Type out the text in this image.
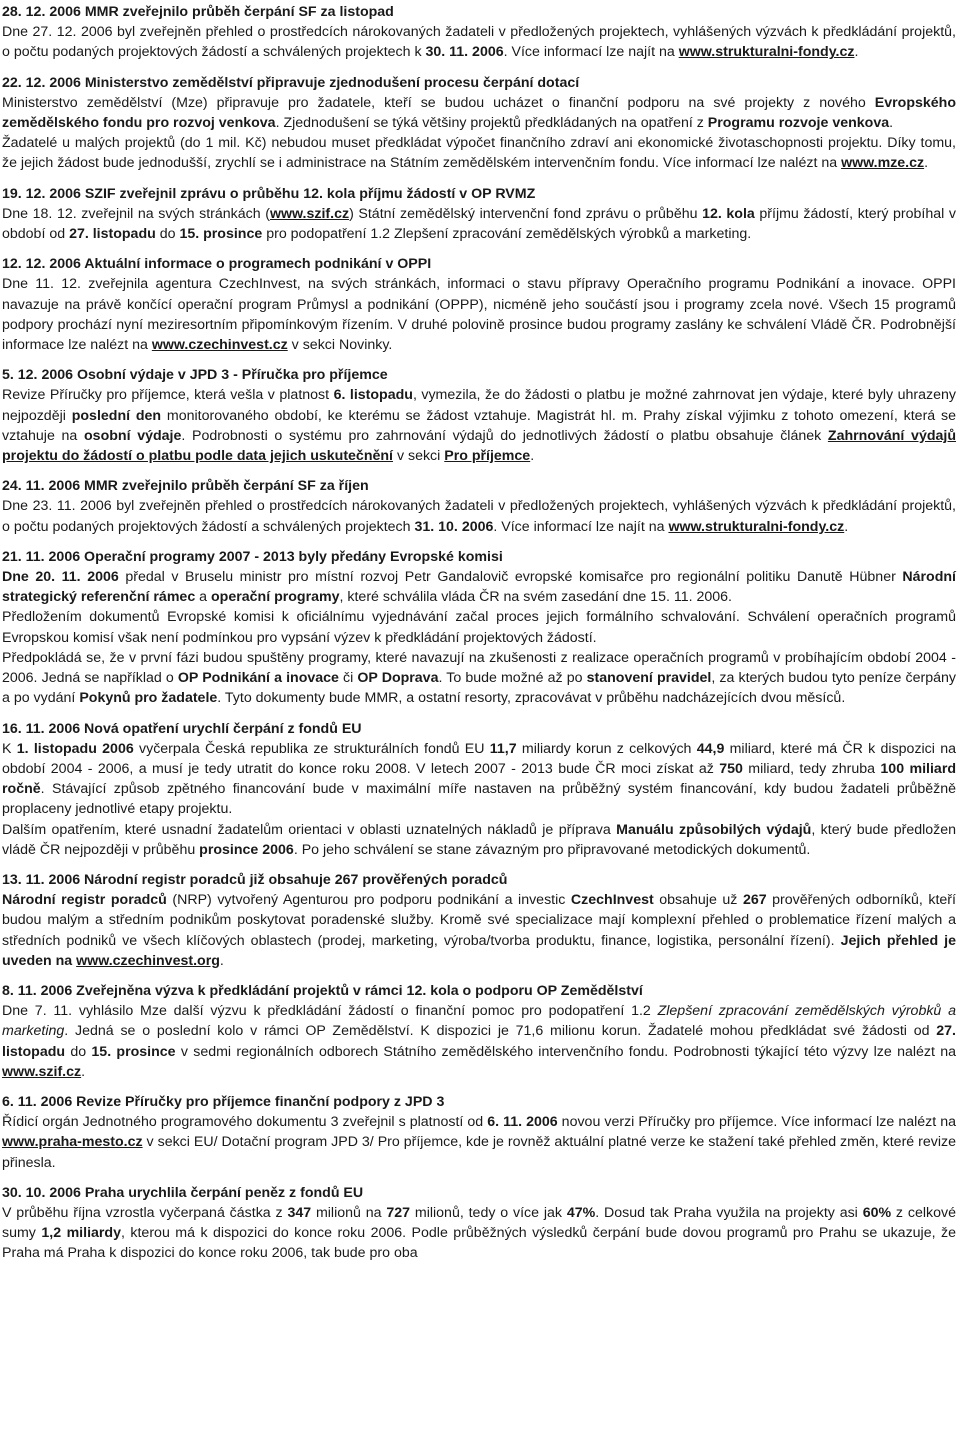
28. 12. 2006 MMR zveřejnilo průběh čerpání SF za listopad
Dne 27. 12. 2006 byl zveřejněn přehled o prostředcích nárokovaných žadateli v předložených projektech, vyhlášených výzvách k předkládání projektů, o počtu podaných projektových žádostí a schválených projektech k 30. 11. 2006. Více informací lze najít na www.strukturalni-fondy.cz.
22. 12. 2006 Ministerstvo zemědělství připravuje zjednodušení procesu čerpání dotací
Ministerstvo zemědělství (Mze) připravuje pro žadatele, kteří se budou ucházet o finanční podporu na své projekty z nového Evropského zemědělského fondu pro rozvoj venkova. Zjednodušení se týká většiny projektů předkládaných na opatření z Programu rozvoje venkova.
Žadatelé u malých projektů (do 1 mil. Kč) nebudou muset předkládat výpočet finančního zdraví ani ekonomické životaschopnosti projektu. Díky tomu, že jejich žádost bude jednodušší, zrychlí se i administrace na Státním zemědělském intervenčním fondu. Více informací lze nalézt na www.mze.cz.
19. 12. 2006 SZIF zveřejnil zprávu o průběhu 12. kola příjmu žádostí v OP RVMZ
Dne 18. 12. zveřejnil na svých stránkách (www.szif.cz) Státní zemědělský intervenční fond zprávu o průběhu 12. kola příjmu žádostí, který probíhal v období od 27. listopadu do 15. prosince pro podopatření 1.2 Zlepšení zpracování zemědělských výrobků a marketing.
12. 12. 2006 Aktuální informace o programech podnikání v OPPI
Dne 11. 12. zveřejnila agentura CzechInvest, na svých stránkách, informaci o stavu přípravy Operačního programu Podnikání a inovace. OPPI navazuje na právě končící operační program Průmysl a podnikání (OPPP), nicméně jeho součástí jsou i programy zcela nové. Všech 15 programů podpory prochází nyní meziresortním připomínkovým řízením. V druhé polovině prosince budou programy zaslány ke schválení Vládě ČR. Podrobnější informace lze nalézt na www.czechinvest.cz v sekci Novinky.
5. 12. 2006 Osobní výdaje v JPD 3 - Příručka pro příjemce
Revize Příručky pro příjemce, která vešla v platnost 6. listopadu, vymezila, že do žádosti o platbu je možné zahrnovat jen výdaje, které byly uhrazeny nejpozději poslední den monitorovaného období, ke kterému se žádost vztahuje. Magistrát hl. m. Prahy získal výjimku z tohoto omezení, která se vztahuje na osobní výdaje. Podrobnosti o systému pro zahrnování výdajů do jednotlivých žádostí o platbu obsahuje článek Zahrnování výdajů projektu do žádostí o platbu podle data jejich uskutečnění v sekci Pro příjemce.
24. 11. 2006 MMR zveřejnilo průběh čerpání SF za říjen
Dne 23. 11. 2006 byl zveřejněn přehled o prostředcích nárokovaných žadateli v předložených projektech, vyhlášených výzvách k předkládání projektů, o počtu podaných projektových žádostí a schválených projektech 31. 10. 2006. Více informací lze najít na www.strukturalni-fondy.cz.
21. 11. 2006 Operační programy 2007 - 2013 byly předány Evropské komisi
Dne 20. 11. 2006 předal v Bruselu ministr pro místní rozvoj Petr Gandalovič evropské komisařce pro regionální politiku Danutě Hübner Národní strategický referenční rámec a operační programy, které schválila vláda ČR na svém zasedání dne 15. 11. 2006.
Předložením dokumentů Evropské komisi k oficiálnímu vyjednávání začal proces jejich formálního schvalování. Schválení operačních programů Evropskou komisí však není podmínkou pro vypsání výzev k předkládání projektových žádostí.
Předpokládá se, že v první fázi budou spuštěny programy, které navazují na zkušenosti z realizace operačních programů v probíhajícím období 2004 - 2006. Jedná se například o OP Podnikání a inovace či OP Doprava. To bude možné až po stanovení pravidel, za kterých budou tyto peníze čerpány a po vydání Pokynů pro žadatele. Tyto dokumenty bude MMR, a ostatní resorty, zpracovávat v průběhu nadcházejících dvou měsíců.
16. 11. 2006 Nová opatření urychlí čerpání z fondů EU
K 1. listopadu 2006 vyčerpala Česká republika ze strukturálních fondů EU 11,7 miliardy korun z celkových 44,9 miliard, které má ČR k dispozici na období 2004 - 2006, a musí je tedy utratit do konce roku 2008. V letech 2007 - 2013 bude ČR moci získat až 750 miliard, tedy zhruba 100 miliard ročně. Stávající způsob zpětného financování bude v maximální míře nastaven na průběžný systém financování, kdy budou žadateli průběžně proplaceny jednotlivé etapy projektu.
Dalším opatřením, které usnadní žadatelům orientaci v oblasti uznatelných nákladů je příprava Manuálu způsobilých výdajů, který bude předložen vládě ČR nejpozději v průběhu prosince 2006. Po jeho schválení se stane závazným pro připravované metodických dokumentů.
13. 11. 2006 Národní registr poradců již obsahuje 267 prověřených poradců
Národní registr poradců (NRP) vytvořený Agenturou pro podporu podnikání a investic CzechInvest obsahuje už 267 prověřených odborníků, kteří budou malým a středním podnikům poskytovat poradenské služby. Kromě své specializace mají komplexní přehled o problematice řízení malých a středních podniků ve všech klíčových oblastech (prodej, marketing, výroba/tvorba produktu, finance, logistika, personální řízení). Jejich přehled je uveden na www.czechinvest.org.
8. 11. 2006 Zveřejněna výzva k předkládání projektů v rámci 12. kola o podporu OP Zemědělství
Dne 7. 11. vyhlásilo Mze další výzvu k předkládání žádostí o finanční pomoc pro podopatření 1.2 Zlepšení zpracování zemědělských výrobků a marketing. Jedná se o poslední kolo v rámci OP Zemědělství. K dispozici je 71,6 milionu korun. Žadatelé mohou předkládat své žádosti od 27. listopadu do 15. prosince v sedmi regionálních odborech Státního zemědělského intervenčního fondu. Podrobnosti týkající této výzvy lze nalézt na www.szif.cz.
6. 11. 2006 Revize Příručky pro příjemce finanční podpory z JPD 3
Řídicí orgán Jednotného programového dokumentu 3 zveřejnil s platností od 6. 11. 2006 novou verzi Příručky pro příjemce. Více informací lze nalézt na www.praha-mesto.cz v sekci EU/ Dotační program JPD 3/ Pro příjemce, kde je rovněž aktuální platné verze ke stažení také přehled změn, které revize přinesla.
30. 10. 2006 Praha urychlila čerpání peněz z fondů EU
V průběhu října vzrostla vyčerpaná částka z 347 milionů na 727 milionů, tedy o více jak 47%. Dosud tak Praha využila na projekty asi 60% z celkové sumy 1,2 miliardy, kterou má k dispozici do konce roku 2006. Podle průběžných výsledků čerpání bude dovou programů pro Prahu se ukazuje, že Praha má Praha k dispozici do konce roku 2006, tak bude pro oba
